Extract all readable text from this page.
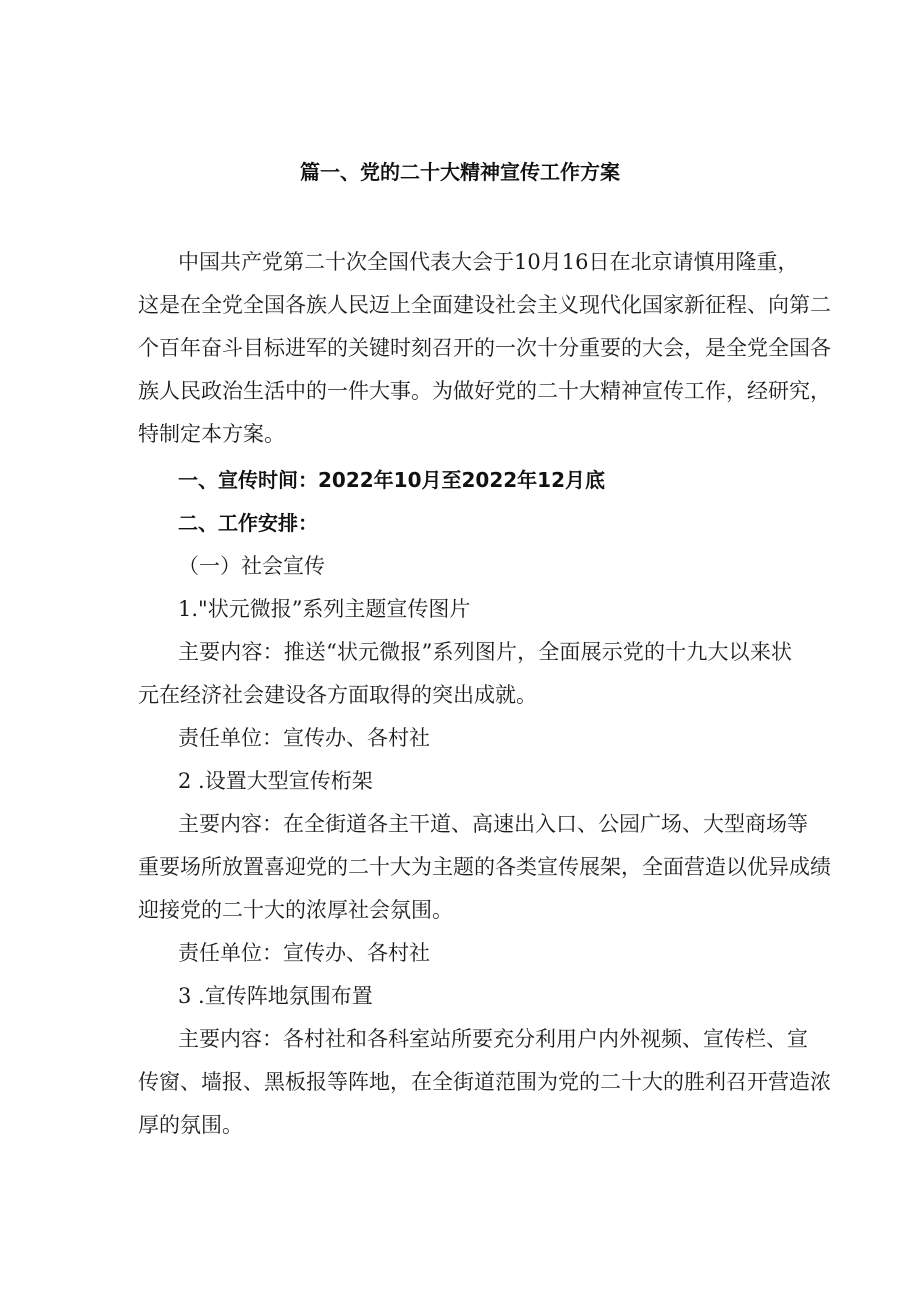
篇一、党的二十大精神宣传工作方案

中国共产党第二十次全国代表大会于10月16日在北京请慎用隆重，

这是在全党全国各族人民迈上全面建设社会主义现代化国家新征程、向第二

个百年奋斗目标进军的关键时刻召开的一次十分重要的大会，是全党全国各

族人民政治生活中的一件大事。为做好党的二十大精神宣传工作，经研究，

特制定本方案。

一、宣传时间：2022年10月至2022年12月底
二、工作安排：

（一）社会宣传

1."状元微报”系列主题宣传图片

主要内容：推送“状元微报”系列图片，全面展示党的十九大以来状

元在经济社会建设各方面取得的突出成就。

责任单位：宣传办、各村社

2 .设置大型宣传桁架

主要内容：在全街道各主干道、高速出入口、公园广场、大型商场等

重要场所放置喜迎党的二十大为主题的各类宣传展架，全面营造以优异成绩

迎接党的二十大的浓厚社会氛围。

责任单位：宣传办、各村社

3 .宣传阵地氛围布置

主要内容：各村社和各科室站所要充分利用户内外视频、宣传栏、宣

传窗、墙报、黑板报等阵地，在全街道范围为党的二十大的胜利召开营造浓

厚的氛围。
